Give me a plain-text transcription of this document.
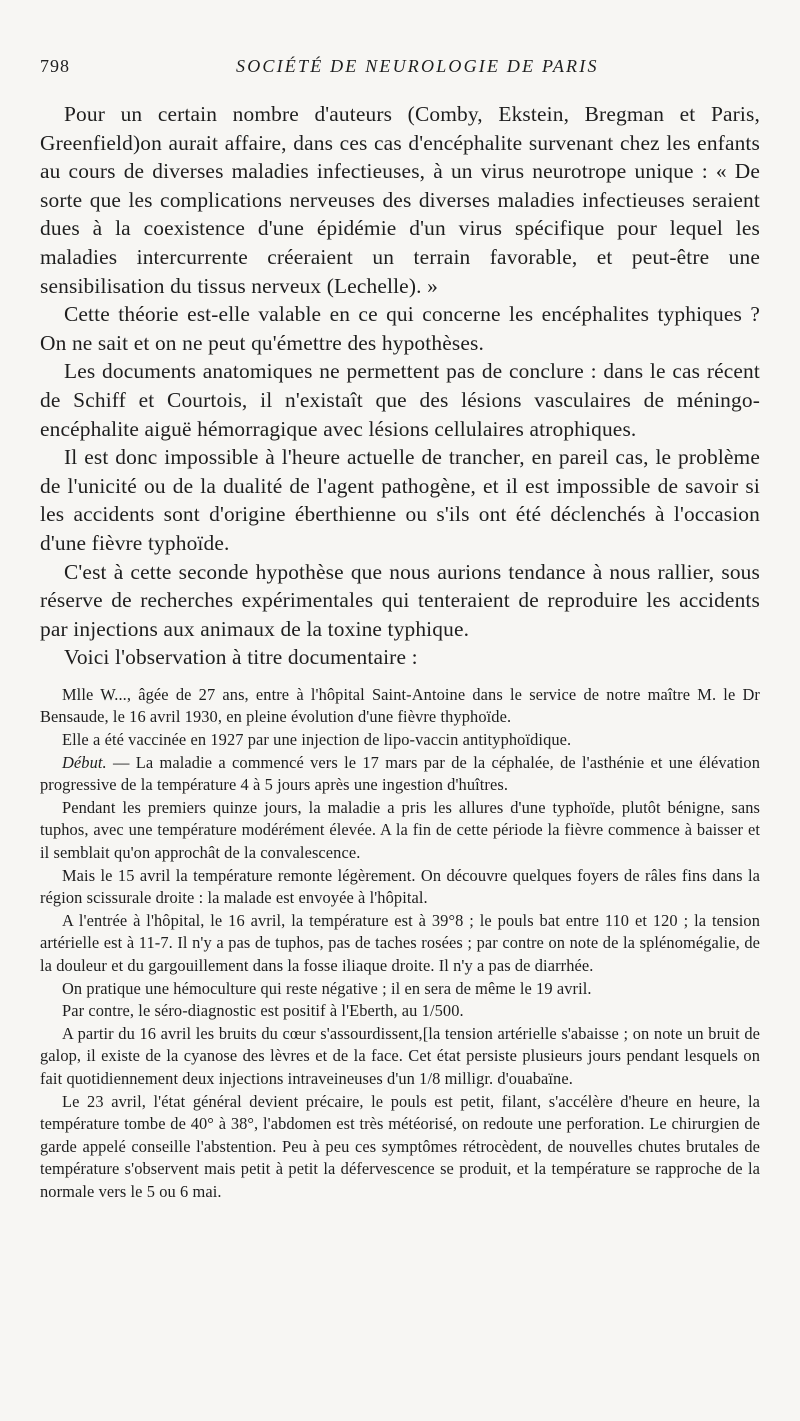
798	SOCIÉTÉ DE NEUROLOGIE DE PARIS

Pour un certain nombre d'auteurs (Comby, Ekstein, Bregman et Paris, Greenfield)on aurait affaire, dans ces cas d'encéphalite survenant chez les enfants au cours de diverses maladies infectieuses, à un virus neurotrope unique : « De sorte que les complications nerveuses des diverses maladies infectieuses seraient dues à la coexistence d'une épidémie d'un virus spécifique pour lequel les maladies intercurrente créeraient un terrain favorable, et peut-être une sensibilisation du tissus nerveux (Lechelle). »

Cette théorie est-elle valable en ce qui concerne les encéphalites typhiques ? On ne sait et on ne peut qu'émettre des hypothèses.

Les documents anatomiques ne permettent pas de conclure : dans le cas récent de Schiff et Courtois, il n'existaît que des lésions vasculaires de méningo-encéphalite aiguë hémorragique avec lésions cellulaires atrophiques.

Il est donc impossible à l'heure actuelle de trancher, en pareil cas, le problème de l'unicité ou de la dualité de l'agent pathogène, et il est impossible de savoir si les accidents sont d'origine éberthienne ou s'ils ont été déclenchés à l'occasion d'une fièvre typhoïde.

C'est à cette seconde hypothèse que nous aurions tendance à nous rallier, sous réserve de recherches expérimentales qui tenteraient de reproduire les accidents par injections aux animaux de la toxine typhique.

Voici l'observation à titre documentaire :

Mlle W..., âgée de 27 ans, entre à l'hôpital Saint-Antoine dans le service de notre maître M. le Dr Bensaude, le 16 avril 1930, en pleine évolution d'une fièvre thyphoïde.

Elle a été vaccinée en 1927 par une injection de lipo-vaccin antityphoïdique.

Début. — La maladie a commencé vers le 17 mars par de la céphalée, de l'asthénie et une élévation progressive de la température 4 à 5 jours après une ingestion d'huîtres.

Pendant les premiers quinze jours, la maladie a pris les allures d'une typhoïde, plutôt bénigne, sans tuphos, avec une température modérément élevée. A la fin de cette période la fièvre commence à baisser et il semblait qu'on approchât de la convalescence.

Mais le 15 avril la température remonte légèrement. On découvre quelques foyers de râles fins dans la région scissurale droite : la malade est envoyée à l'hôpital.

A l'entrée à l'hôpital, le 16 avril, la température est à 39°8 ; le pouls bat entre 110 et 120 ; la tension artérielle est à 11-7. Il n'y a pas de tuphos, pas de taches rosées ; par contre on note de la splénomégalie, de la douleur et du gargouillement dans la fosse iliaque droite. Il n'y a pas de diarrhée.

On pratique une hémoculture qui reste négative ; il en sera de même le 19 avril.

Par contre, le séro-diagnostic est positif à l'Eberth, au 1/500.

A partir du 16 avril les bruits du cœur s'assourdissent,[la tension artérielle s'abaisse ; on note un bruit de galop, il existe de la cyanose des lèvres et de la face. Cet état persiste plusieurs jours pendant lesquels on fait quotidiennement deux injections intraveineuses d'un 1/8 milligr. d'ouabaïne.

Le 23 avril, l'état général devient précaire, le pouls est petit, filant, s'accélère d'heure en heure, la température tombe de 40° à 38°, l'abdomen est très météorisé, on redoute une perforation. Le chirurgien de garde appelé conseille l'abstention. Peu à peu ces symptômes rétrocèdent, de nouvelles chutes brutales de température s'observent mais petit à petit la défervescence se produit, et la température se rapproche de la normale vers le 5 ou 6 mai.
